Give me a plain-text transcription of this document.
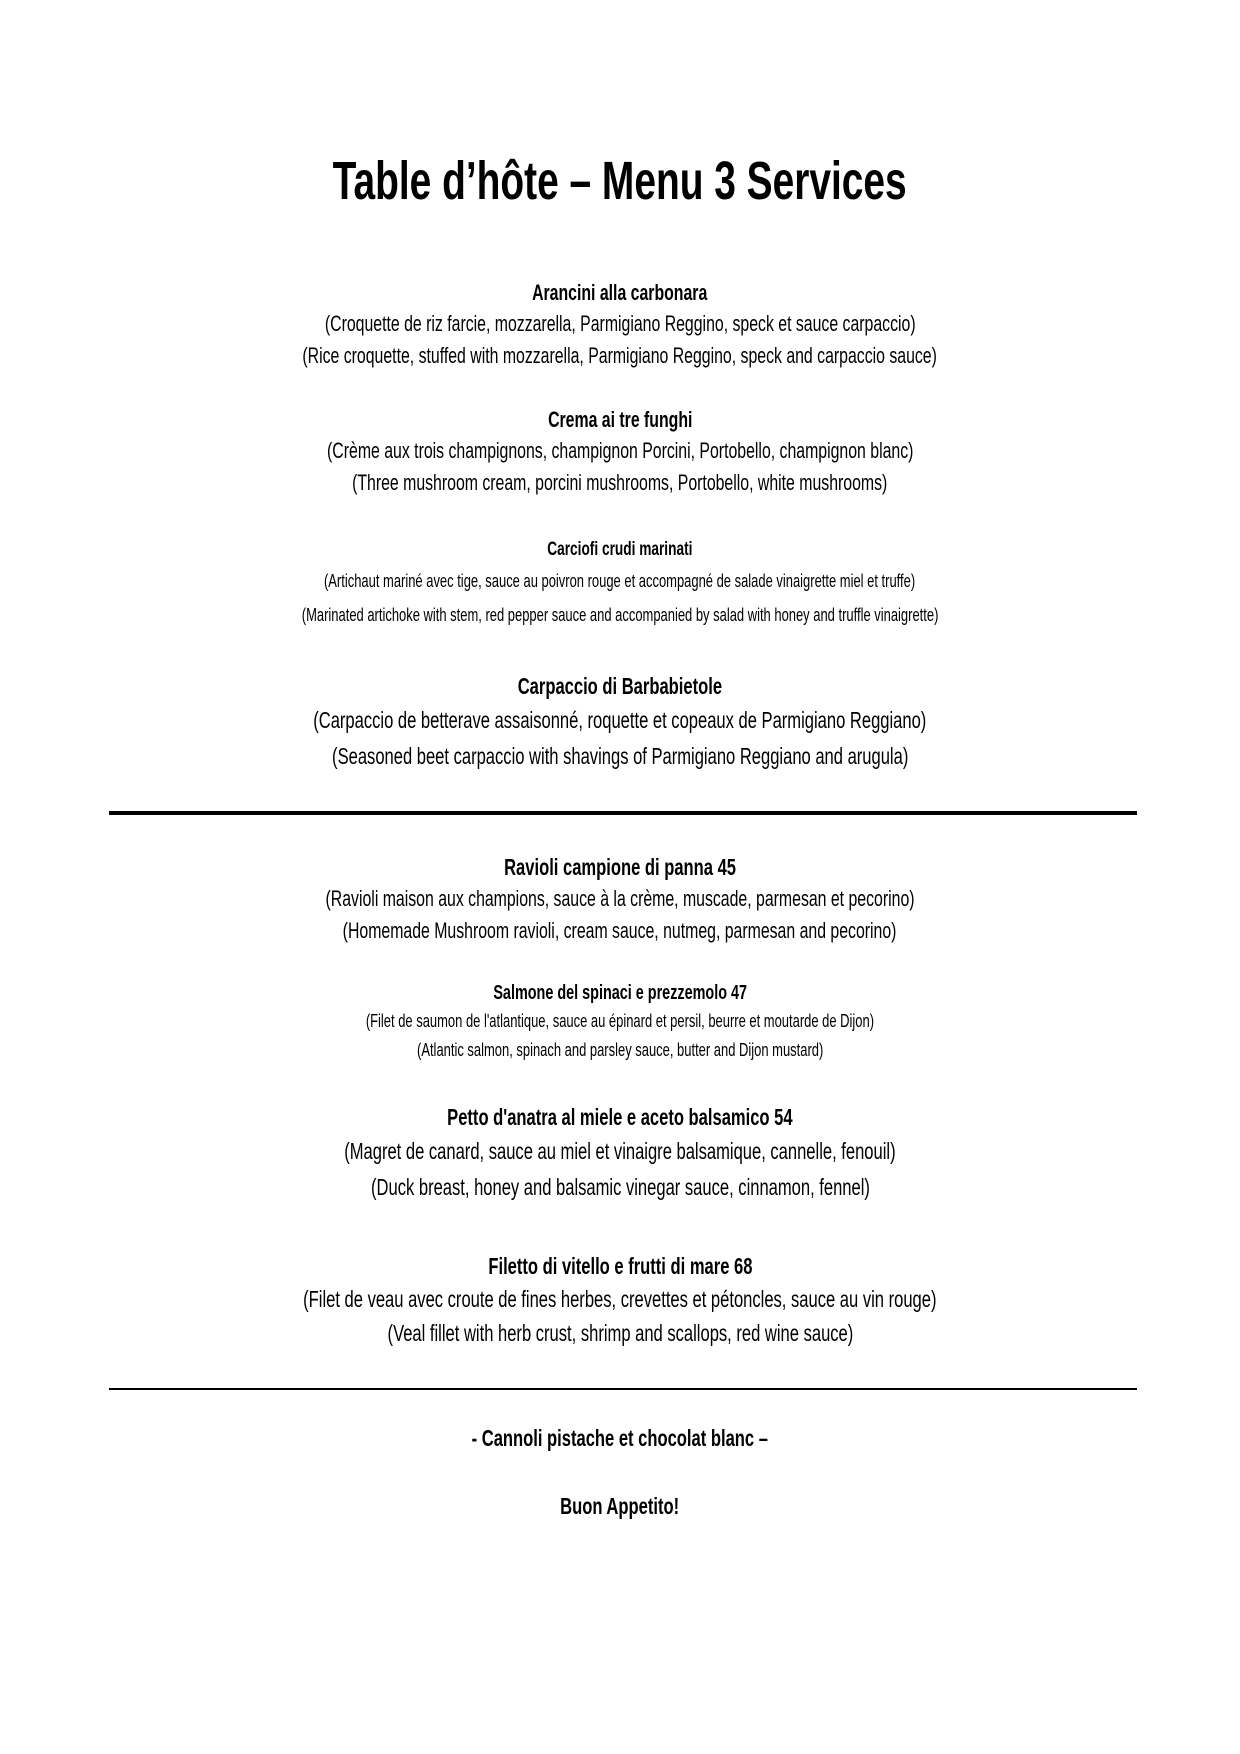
Table d’hôte – Menu 3 Services
Arancini alla carbonara
(Croquette de riz farcie, mozzarella, Parmigiano Reggino, speck et sauce carpaccio)
(Rice croquette, stuffed with mozzarella, Parmigiano Reggino, speck and carpaccio sauce)
Crema ai tre funghi
(Crème aux trois champignons, champignon Porcini, Portobello, champignon blanc)
(Three mushroom cream, porcini mushrooms, Portobello, white mushrooms)
Carciofi crudi marinati
(Artichaut mariné avec tige, sauce au poivron rouge et accompagné de salade vinaigrette miel et truffe)
(Marinated artichoke with stem, red pepper sauce and accompanied by salad with honey and truffle vinaigrette)
Carpaccio di Barbabietole
(Carpaccio de betterave assaisonné, roquette et copeaux de Parmigiano Reggiano)
(Seasoned beet carpaccio with shavings of Parmigiano Reggiano and arugula)
Ravioli campione di panna 45
(Ravioli maison aux champions, sauce à la crème, muscade, parmesan et pecorino)
(Homemade Mushroom ravioli, cream sauce, nutmeg, parmesan and pecorino)
Salmone del spinaci e prezzemolo 47
(Filet de saumon de l'atlantique, sauce au épinard et persil, beurre et moutarde de Dijon)
(Atlantic salmon, spinach and parsley sauce, butter and Dijon mustard)
Petto d'anatra al miele e aceto balsamico 54
(Magret de canard, sauce au miel et vinaigre balsamique, cannelle, fenouil)
(Duck breast, honey and balsamic vinegar sauce, cinnamon, fennel)
Filetto di vitello e frutti di mare 68
(Filet de veau avec croute de fines herbes, crevettes et pétoncles, sauce au vin rouge)
(Veal fillet with herb crust, shrimp and scallops, red wine sauce)
- Cannoli pistache et chocolat blanc –
Buon Appetito!
